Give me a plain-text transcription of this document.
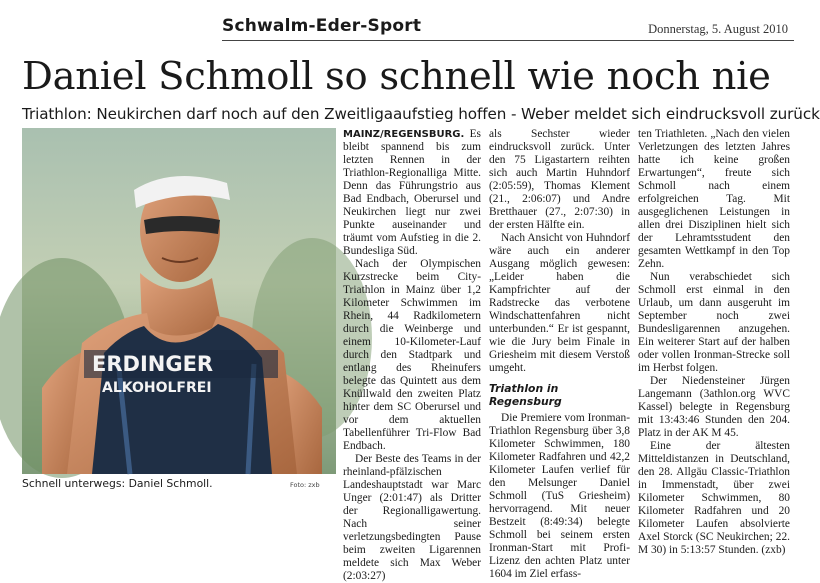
Schwalm-Eder-Sport	Donnerstag, 5. August 2010
Daniel Schmoll so schnell wie noch nie
Triathlon: Neukirchen darf noch auf den Zweitligaaufstieg hoffen - Weber meldet sich eindrucksvoll zurück
ERDINGER
ALKOHOLFREI
Schnell unterwegs: Daniel Schmoll.	Foto: zxb

MAINZ/REGENSBURG. Es bleibt spannend bis zum letzten Rennen in der Triathlon-Regionalliga Mitte. Denn das Führungstrio aus Bad Endbach, Oberursel und Neukirchen liegt nur zwei Punkte auseinander und träumt vom Aufstieg in die 2. Bundesliga Süd.

Nach der Olympischen Kurzstrecke beim City-Triathlon in Mainz über 1,2 Kilometer Schwimmen im Rhein, 44 Radkilometern durch die Weinberge und einem 10-Kilometer-Lauf durch den Stadtpark und entlang des Rheinufers belegte das Quintett aus dem Knüllwald den zweiten Platz hinter dem SC Oberursel und vor dem aktuellen Tabellenführer Tri-Flow Bad Endbach.

Der Beste des Teams in der rheinland-pfälzischen Landeshauptstadt war Marc Unger (2:01:47) als Dritter der Regionalligawertung. Nach seiner verletzungsbedingten Pause beim zweiten Ligarennen meldete sich Max Weber (2:03:27)

als Sechster wieder eindrucksvoll zurück. Unter den 75 Ligastartern reihten sich auch Martin Huhndorf (2:05:59), Thomas Klement (21., 2:06:07) und Andre Bretthauer (27., 2:07:30) in der ersten Hälfte ein.

Nach Ansicht von Huhndorf wäre auch ein anderer Ausgang möglich gewesen: „Leider haben die Kampfrichter auf der Radstrecke das verbotene Windschattenfahren nicht unterbunden.“ Er ist gespannt, wie die Jury beim Finale in Griesheim mit diesem Verstoß umgeht.

Triathlon in Regensburg

Die Premiere vom Ironman-Triathlon Regensburg über 3,8 Kilometer Schwimmen, 180 Kilometer Radfahren und 42,2 Kilometer Laufen verlief für den Melsunger Daniel Schmoll (TuS Griesheim) hervorragend. Mit neuer Bestzeit (8:49:34) belegte Schmoll bei seinem ersten Ironman-Start mit Profi-Lizenz den achten Platz unter 1604 im Ziel erfass-

ten Triathleten. „Nach den vielen Verletzungen des letzten Jahres hatte ich keine großen Erwartungen“, freute sich Schmoll nach einem erfolgreichen Tag. Mit ausgeglichenen Leistungen in allen drei Disziplinen hielt sich der Lehramtsstudent den gesamten Wettkampf in den Top Zehn.

Nun verabschiedet sich Schmoll erst einmal in den Urlaub, um dann ausgeruht im September noch zwei Bundesligarennen anzugehen. Ein weiterer Start auf der halben oder vollen Ironman-Strecke soll im Herbst folgen.

Der Niedensteiner Jürgen Langemann (3athlon.org WVC Kassel) belegte in Regensburg mit 13:43:46 Stunden den 204. Platz in der AK M 45.

Eine der ältesten Mitteldistanzen in Deutschland, den 28. Allgäu Classic-Triathlon in Immenstadt, über zwei Kilometer Schwimmen, 80 Kilometer Radfahren und 20 Kilometer Laufen absolvierte Axel Storck (SC Neukirchen; 22. M 30) in 5:13:57 Stunden. (zxb)
